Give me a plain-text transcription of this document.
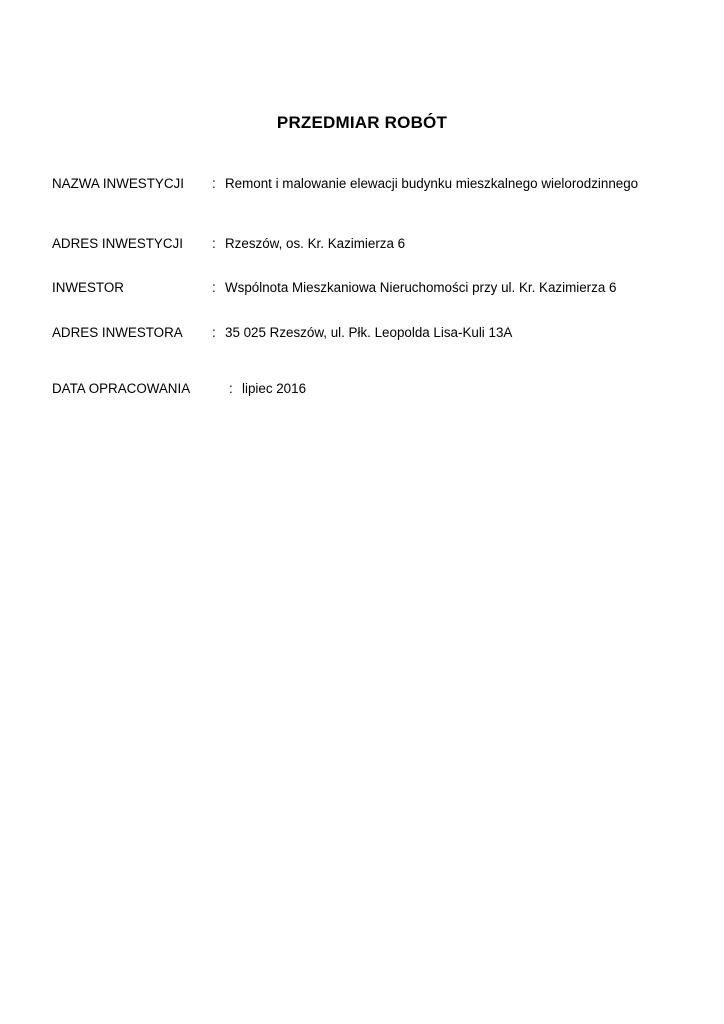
PRZEDMIAR ROBÓT
NAZWA INWESTYCJI : Remont i malowanie elewacji budynku mieszkalnego wielorodzinnego
ADRES INWESTYCJI : Rzeszów, os. Kr. Kazimierza 6
INWESTOR	: Wspólnota Mieszkaniowa Nieruchomości przy ul. Kr. Kazimierza 6
ADRES INWESTORA : 35 025 Rzeszów, ul. Płk. Leopolda Lisa-Kuli 13A
DATA OPRACOWANIA	: lipiec 2016
